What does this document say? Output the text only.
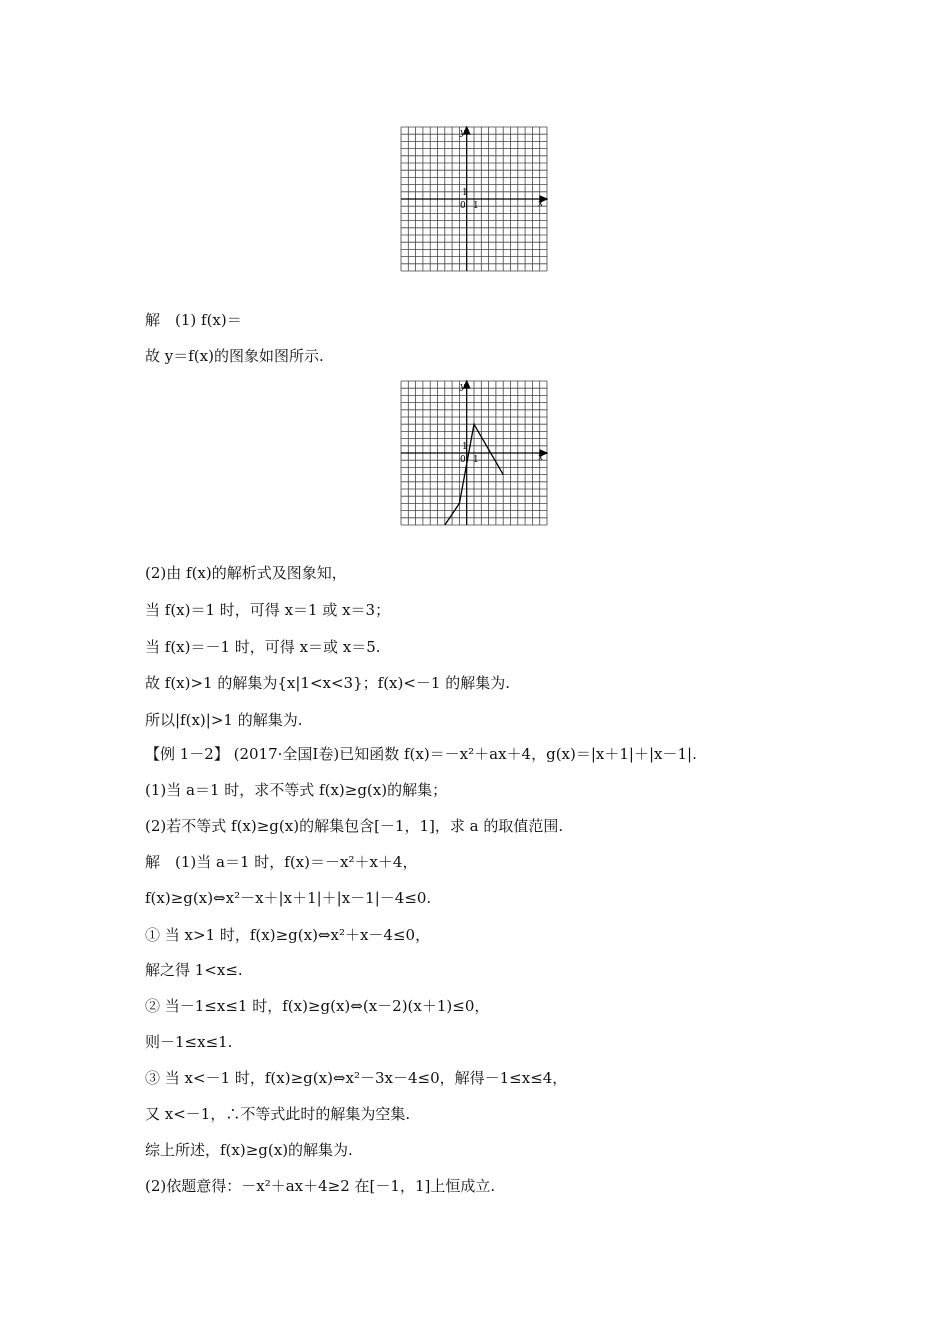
y
x
0 1
1
解　(1) f(x)＝
故 y＝f(x)的图象如图所示.
y
x
0 1
1
(2)由 f(x)的解析式及图象知，
当 f(x)＝1 时，可得 x＝1 或 x＝3；
当 f(x)＝－1 时，可得 x＝或 x＝5.
故 f(x)>1 的解集为{x|1<x<3}；f(x)<－1 的解集为.
所以|f(x)|>1 的解集为.
【例 1－2】 (2017·全国Ⅰ卷)已知函数 f(x)＝－x²＋ax＋4，g(x)＝|x＋1|＋|x－1|.
(1)当 a＝1 时，求不等式 f(x)≥g(x)的解集；
(2)若不等式 f(x)≥g(x)的解集包含[－1，1]，求 a 的取值范围.
解　(1)当 a＝1 时，f(x)＝－x²＋x＋4，
f(x)≥g(x)⇔x²－x＋|x＋1|＋|x－1|－4≤0.
① 当 x>1 时，f(x)≥g(x)⇔x²＋x－4≤0，
解之得 1<x≤.
② 当－1≤x≤1 时，f(x)≥g(x)⇔(x－2)(x＋1)≤0，
则－1≤x≤1.
③ 当 x<－1 时，f(x)≥g(x)⇔x²－3x－4≤0，解得－1≤x≤4，
又 x<－1，∴不等式此时的解集为空集.
综上所述，f(x)≥g(x)的解集为.
(2)依题意得：－x²＋ax＋4≥2 在[－1，1]上恒成立.
